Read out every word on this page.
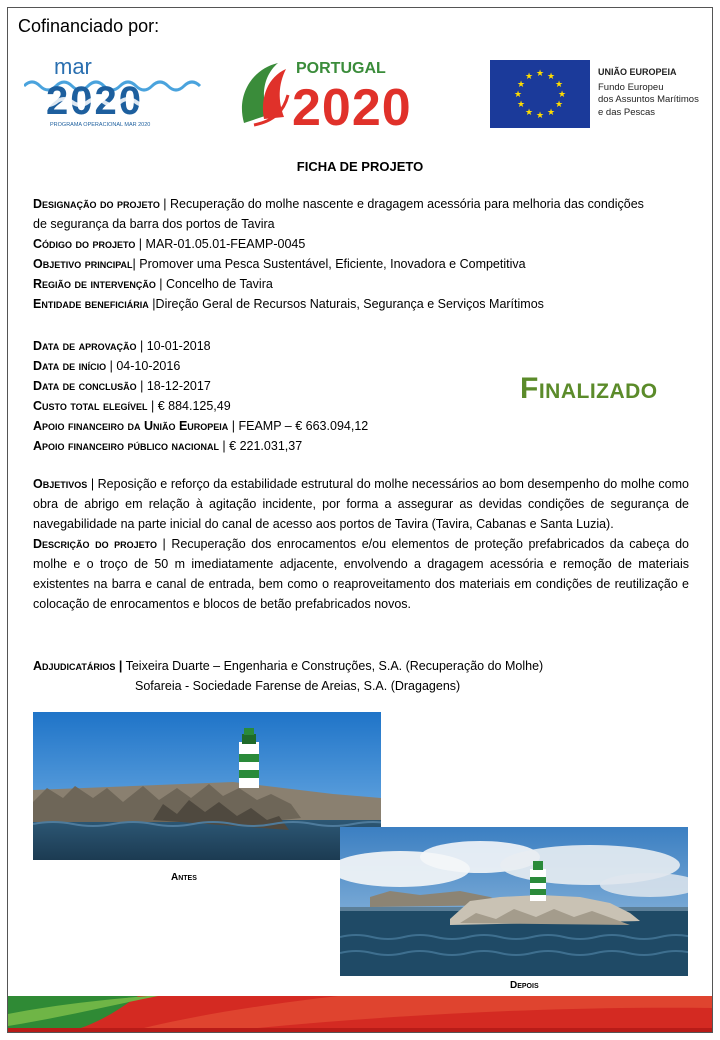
Cofinanciado por:
mar
2020
PROGRAMA OPERACIONAL MAR 2020
PORTUGAL
2020
★ ★
★
★
★
★
★
★
★
★
★
★	UNIÃO EUROPEIA
Fundo Europeu
dos Assuntos Marítimos
e das Pescas
FICHA DE PROJETO
Designação do projeto | Recuperação do molhe nascente e dragagem acessória para melhoria das condições
de segurança da barra dos portos de Tavira
Código do projeto | MAR-01.05.01-FEAMP-0045
Objetivo principal| Promover uma Pesca Sustentável, Eficiente, Inovadora e Competitiva
Região de intervenção | Concelho de Tavira
Entidade beneficiária |Direção Geral de Recursos Naturais, Segurança e Serviços Marítimos
Data de aprovação | 10-01-2018
Data de início | 04-10-2016
Data de conclusão | 18-12-2017
Custo total elegível | € 884.125,49
Apoio financeiro da União Europeia | FEAMP – € 663.094,12
Apoio financeiro público nacional | € 221.031,37
Finalizado

Objetivos | Reposição e reforço da estabilidade estrutural do molhe necessários ao bom desempenho do molhe como obra de abrigo em relação à agitação incidente, por forma a assegurar as devidas condições de segurança de navegabilidade na parte inicial do canal de acesso aos portos de Tavira (Tavira, Cabanas e Santa Luzia).

Descrição do projeto | Recuperação dos enrocamentos e/ou elementos de proteção prefabricados da cabeça do molhe e o troço de 50 m imediatamente adjacente, envolvendo a dragagem acessória e remoção de materiais existentes na barra e canal de entrada, bem como o reaproveitamento dos materiais em condições de reutilização e colocação de enrocamentos e blocos de betão prefabricados novos.

Adjudicatários | Teixeira Duarte – Engenharia e Construções, S.A. (Recuperação do Molhe)
Sofareia - Sociedade Farense de Areias, S.A. (Dragagens)
Antes
Depois
